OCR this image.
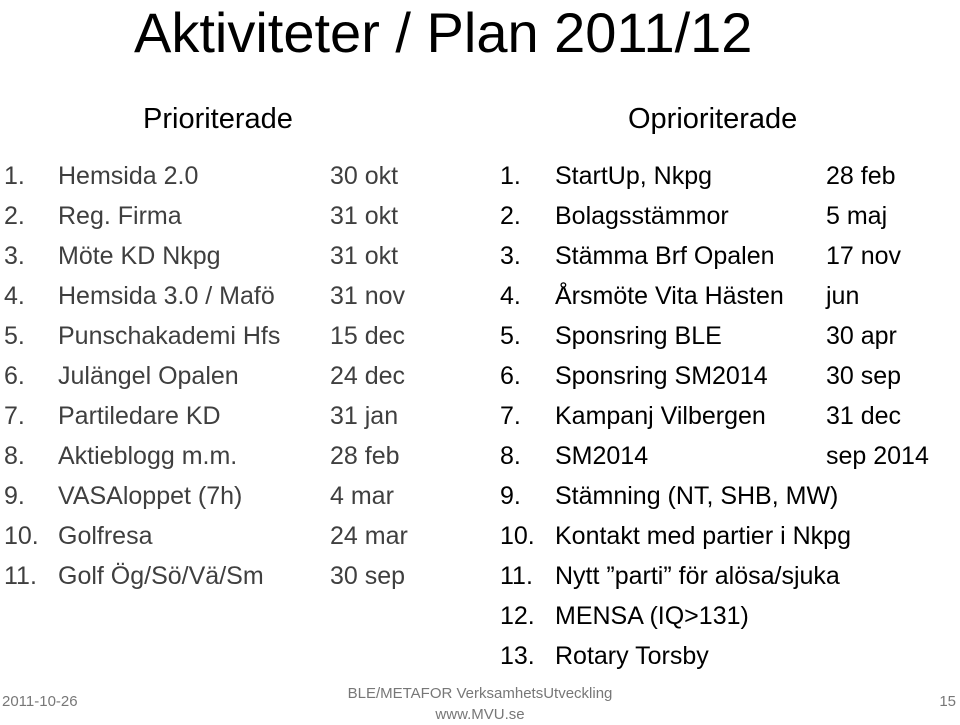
Aktiviteter / Plan 2011/12
Prioriterade	Oprioriterade
1. Hemsida 2.0	30 okt
2. Reg. Firma	31 okt
3. Möte KD Nkpg	31 okt
4. Hemsida 3.0 / Mafö 31 nov
5. Punschakademi Hfs 15 dec
6. Julängel Opalen	24 dec
7. Partiledare KD	31 jan
8. Aktieblogg m.m.	28 feb
9. VASAloppet (7h)	4 mar
10. Golfresa	24 mar
11. Golf Ög/Sö/Vä/Sm	30 sep
1. StartUp, Nkpg	28 feb
2. Bolagsstämmor	5 maj
3. Stämma Brf Opalen 17 nov
4. Årsmöte Vita Hästen jun
5. Sponsring BLE	30 apr
6. Sponsring SM2014 30 sep
7. Kampanj Vilbergen 31 dec
8. SM2014	sep 2014
9. Stämning (NT, SHB, MW)
10. Kontakt med partier i Nkpg
11. Nytt ”parti” för alösa/sjuka
12. MENSA (IQ>131)
13. Rotary Torsby
2011-10-26	BLE/METAFOR VerksamhetsUtveckling
www.MVU.se
15
